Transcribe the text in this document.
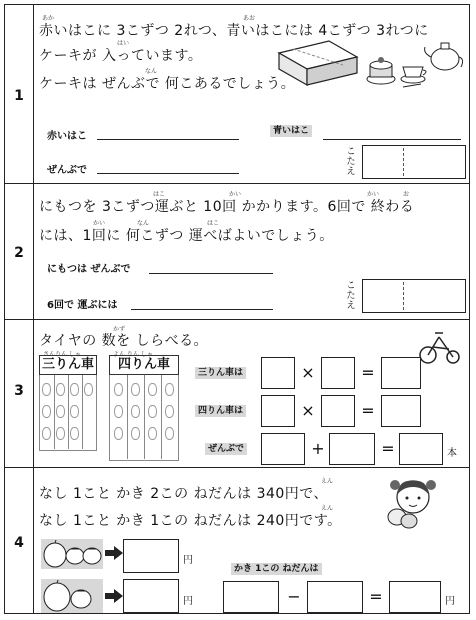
1
あか	あお
赤いはこに 3こずつ 2れつ、青いはこには 4こずつ 3れつに
はい
ケーキが 入っています。
なん
ケーキは ぜんぶで 何こあるでしょう。
赤いはこ	青いはこ
ぜんぶで
こたえ
2
はこ	かい	かい	お
にもつを 3こずつ運ぶと 10回 かかります。6回で 終わる
かい	なん	はこ
には、1回に 何こずつ 運べばよいでしょう。
にもつは ぜんぶで
6回で 運ぶには
こたえ
3
かず
タイヤの 数を しらべる。
さんりん しゃ
三りん車
よん りん しゃ
四りん車
三りん車は	×	=
四りん車は	×	=
ぜんぶで	+	=	本
4
えん
なし 1こと かき 2この ねだんは 340円で、
えん
なし 1こと かき 1この ねだんは 240円です。
円
円
かき 1この ねだんは
−	=	円
